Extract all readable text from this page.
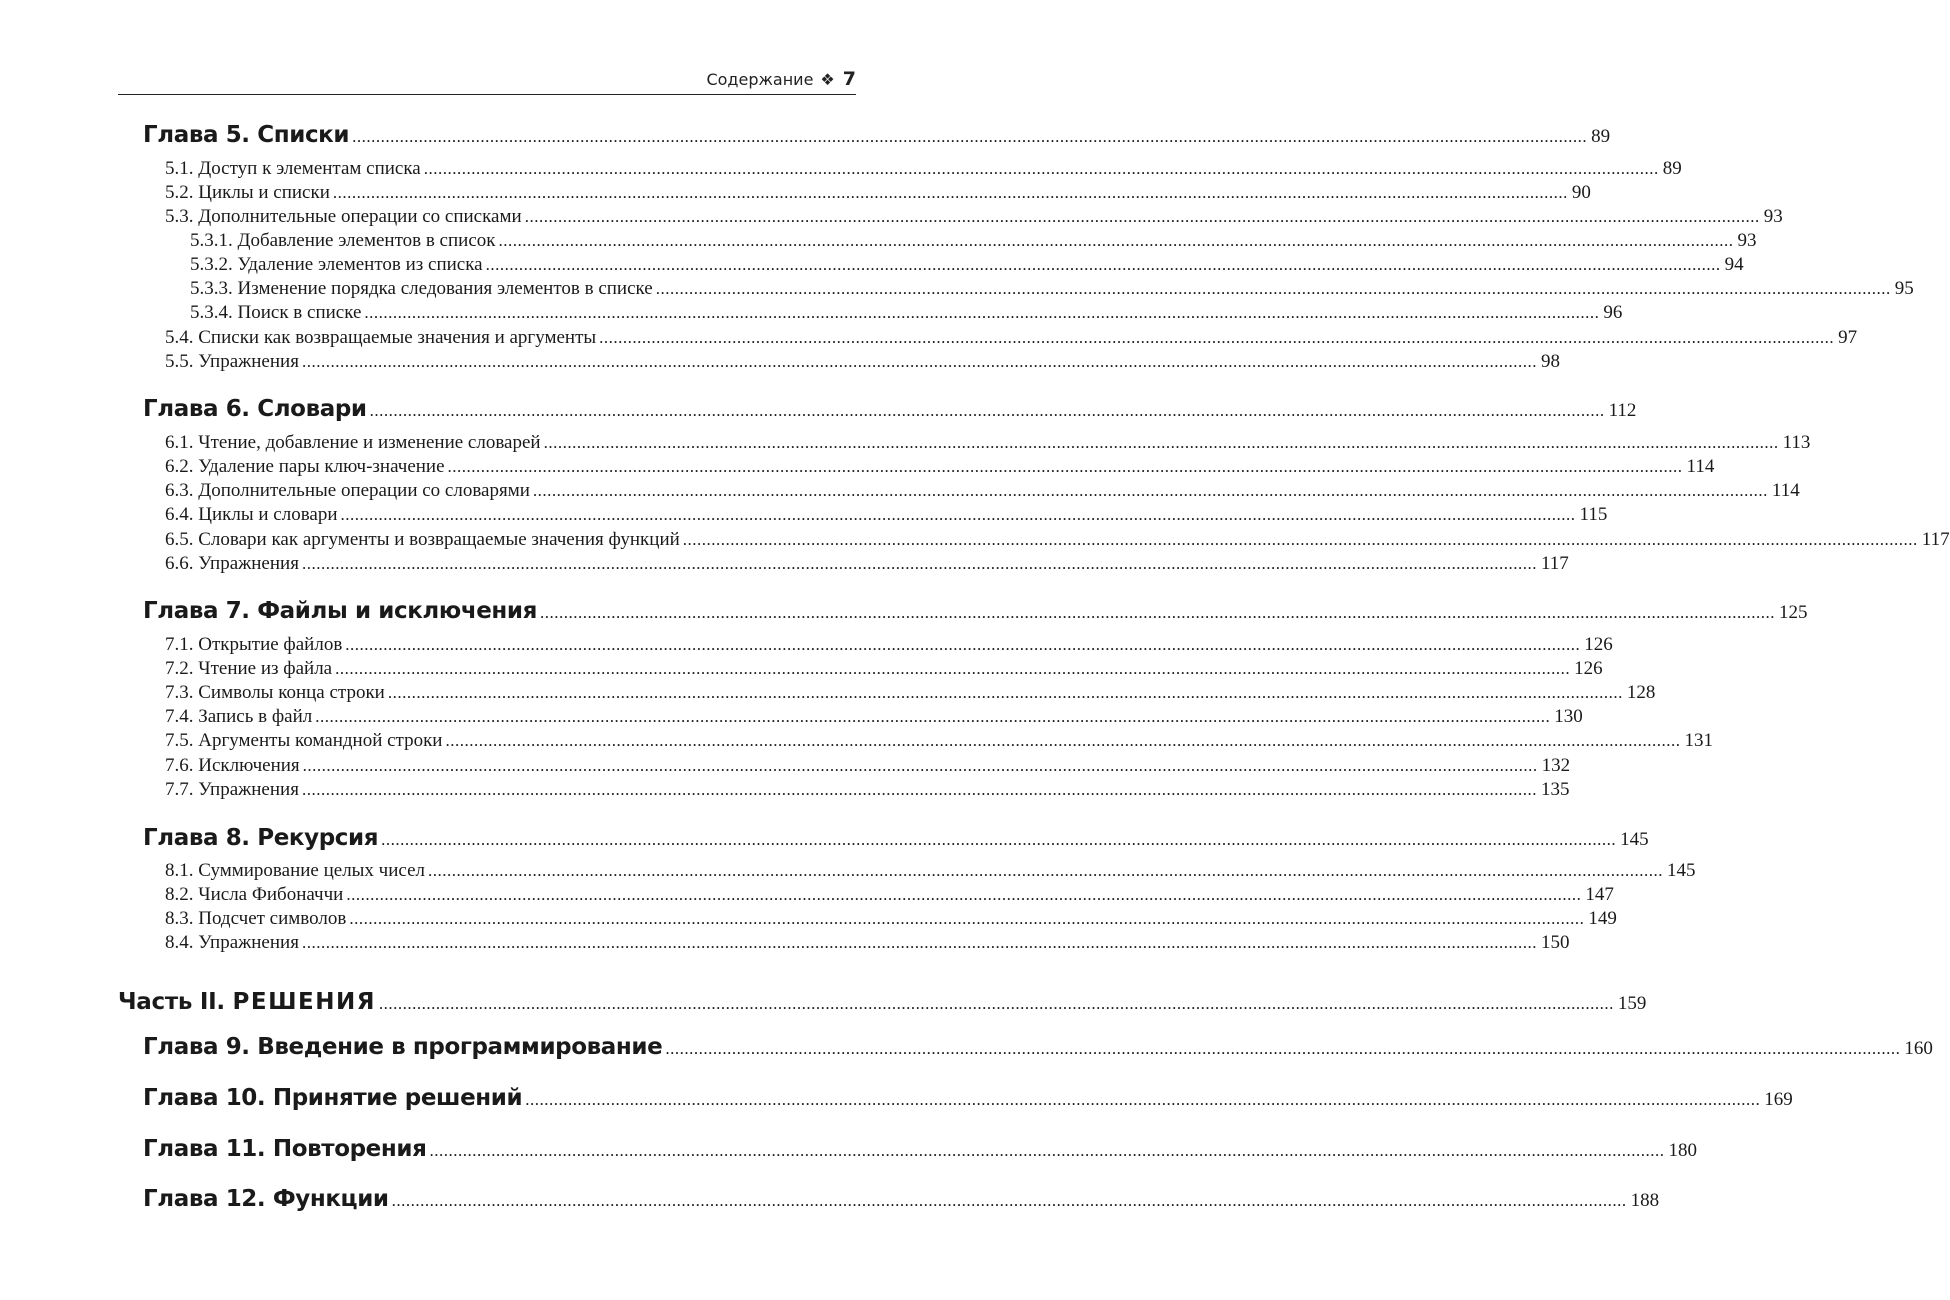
Содержание ❖ 7
Глава 5. Списки .................................................................................................................................................................................................................................................................... 89
5.1. Доступ к элементам списка .................................................................................................................................................................................................................................................................... 89
5.2. Циклы и списки .................................................................................................................................................................................................................................................................... 90
5.3. Дополнительные операции со списками .................................................................................................................................................................................................................................................................... 93
5.3.1. Добавление элементов в список .................................................................................................................................................................................................................................................................... 93
5.3.2. Удаление элементов из списка .................................................................................................................................................................................................................................................................... 94
5.3.3. Изменение порядка следования элементов в списке .................................................................................................................................................................................................................................................................... 95
5.3.4. Поиск в списке .................................................................................................................................................................................................................................................................... 96
5.4. Списки как возвращаемые значения и аргументы .................................................................................................................................................................................................................................................................... 97
5.5. Упражнения .................................................................................................................................................................................................................................................................... 98
Глава 6. Словари .................................................................................................................................................................................................................................................................... 112
6.1. Чтение, добавление и изменение словарей .................................................................................................................................................................................................................................................................... 113
6.2. Удаление пары ключ-значение .................................................................................................................................................................................................................................................................... 114
6.3. Дополнительные операции со словарями .................................................................................................................................................................................................................................................................... 114
6.4. Циклы и словари .................................................................................................................................................................................................................................................................... 115
6.5. Словари как аргументы и возвращаемые значения функций .................................................................................................................................................................................................................................................................... 117
6.6. Упражнения .................................................................................................................................................................................................................................................................... 117
Глава 7. Файлы и исключения .................................................................................................................................................................................................................................................................... 125
7.1. Открытие файлов .................................................................................................................................................................................................................................................................... 126
7.2. Чтение из файла .................................................................................................................................................................................................................................................................... 126
7.3. Символы конца строки .................................................................................................................................................................................................................................................................... 128
7.4. Запись в файл .................................................................................................................................................................................................................................................................... 130
7.5. Аргументы командной строки .................................................................................................................................................................................................................................................................... 131
7.6. Исключения .................................................................................................................................................................................................................................................................... 132
7.7. Упражнения .................................................................................................................................................................................................................................................................... 135
Глава 8. Рекурсия .................................................................................................................................................................................................................................................................... 145
8.1. Суммирование целых чисел .................................................................................................................................................................................................................................................................... 145
8.2. Числа Фибоначчи .................................................................................................................................................................................................................................................................... 147
8.3. Подсчет символов .................................................................................................................................................................................................................................................................... 149
8.4. Упражнения .................................................................................................................................................................................................................................................................... 150
Часть II. РЕШЕНИЯ .................................................................................................................................................................................................................................................................... 159
Глава 9. Введение в программирование .................................................................................................................................................................................................................................................................... 160
Глава 10. Принятие решений .................................................................................................................................................................................................................................................................... 169
Глава 11. Повторения .................................................................................................................................................................................................................................................................... 180
Глава 12. Функции .................................................................................................................................................................................................................................................................... 188
